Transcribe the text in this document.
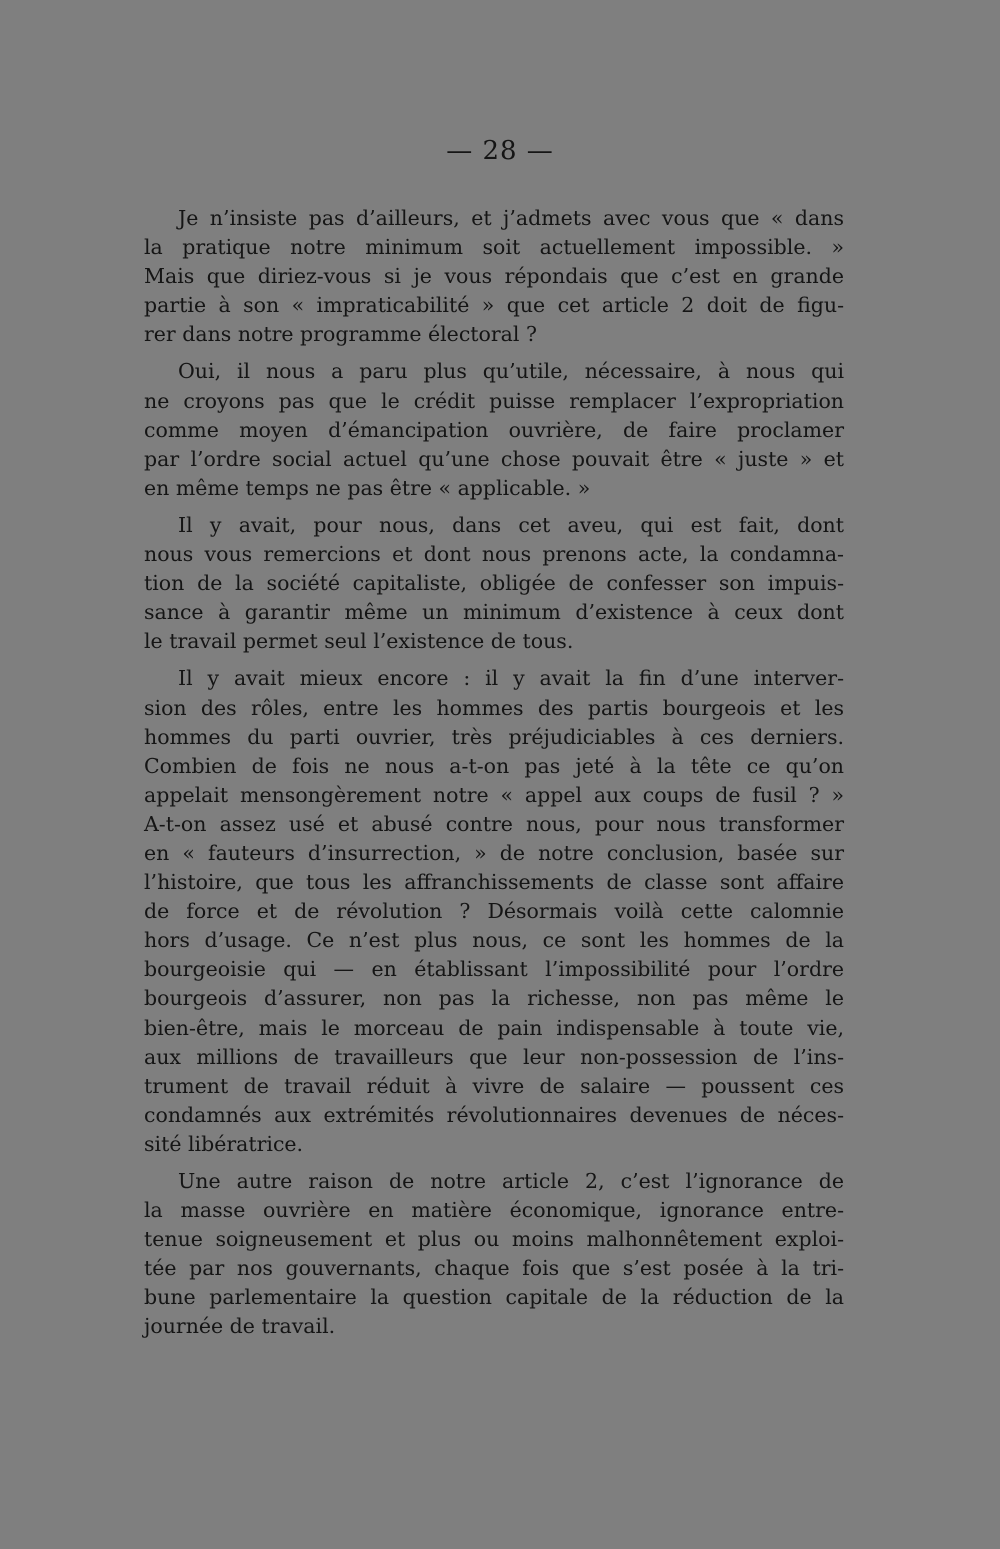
— 28 —
Je n’insiste pas d’ailleurs, et j’admets avec vous que « dans
la pratique notre minimum soit actuellement impossible. »
Mais que diriez-vous si je vous répondais que c’est en grande
partie à son « impraticabilité » que cet article 2 doit de figu-
rer dans notre programme électoral ?
Oui, il nous a paru plus qu’utile, nécessaire, à nous qui
ne croyons pas que le crédit puisse remplacer l’expropriation
comme moyen d’émancipation ouvrière, de faire proclamer
par l’ordre social actuel qu’une chose pouvait être « juste » et
en même temps ne pas être « applicable. »
Il y avait, pour nous, dans cet aveu, qui est fait, dont
nous vous remercions et dont nous prenons acte, la condamna-
tion de la société capitaliste, obligée de confesser son impuis-
sance à garantir même un minimum d’existence à ceux dont
le travail permet seul l’existence de tous.
Il y avait mieux encore : il y avait la fin d’une interver-
sion des rôles, entre les hommes des partis bourgeois et les
hommes du parti ouvrier, très préjudiciables à ces derniers.
Combien de fois ne nous a-t-on pas jeté à la tête ce qu’on
appelait mensongèrement notre « appel aux coups de fusil ? »
A-t-on assez usé et abusé contre nous, pour nous transformer
en « fauteurs d’insurrection, » de notre conclusion, basée sur
l’histoire, que tous les affranchissements de classe sont affaire
de force et de révolution ? Désormais voilà cette calomnie
hors d’usage. Ce n’est plus nous, ce sont les hommes de la
bourgeoisie qui — en établissant l’impossibilité pour l’ordre
bourgeois d’assurer, non pas la richesse, non pas même le
bien-être, mais le morceau de pain indispensable à toute vie,
aux millions de travailleurs que leur non-possession de l’ins-
trument de travail réduit à vivre de salaire — poussent ces
condamnés aux extrémités révolutionnaires devenues de néces-
sité libératrice.
Une autre raison de notre article 2, c’est l’ignorance de
la masse ouvrière en matière économique, ignorance entre-
tenue soigneusement et plus ou moins malhonnêtement exploi-
tée par nos gouvernants, chaque fois que s’est posée à la tri-
bune parlementaire la question capitale de la réduction de la
journée de travail.
